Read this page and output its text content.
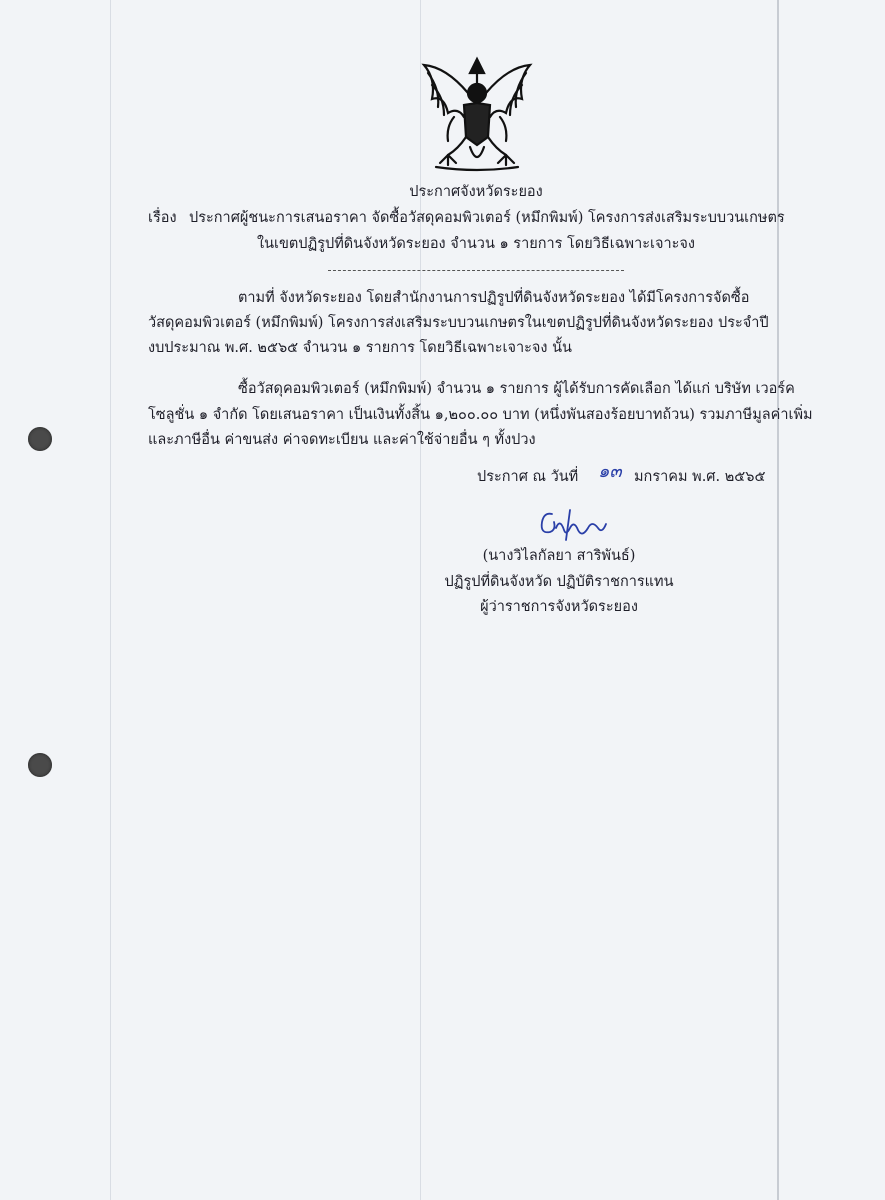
ประกาศจังหวัดระยอง
เรื่อง ประกาศผู้ชนะการเสนอราคา จัดซื้อวัสดุคอมพิวเตอร์ (หมึกพิมพ์) โครงการส่งเสริมระบบวนเกษตร
ในเขตปฏิรูปที่ดินจังหวัดระยอง จำนวน ๑ รายการ โดยวิธีเฉพาะเจาะจง
ตามที่ จังหวัดระยอง โดยสำนักงานการปฏิรูปที่ดินจังหวัดระยอง ได้มีโครงการจัดซื้อ
วัสดุคอมพิวเตอร์ (หมึกพิมพ์) โครงการส่งเสริมระบบวนเกษตรในเขตปฏิรูปที่ดินจังหวัดระยอง ประจำปี
งบประมาณ พ.ศ. ๒๕๖๕ จำนวน ๑ รายการ โดยวิธีเฉพาะเจาะจง นั้น
ซื้อวัสดุคอมพิวเตอร์ (หมึกพิมพ์) จำนวน ๑ รายการ ผู้ได้รับการคัดเลือก ได้แก่ บริษัท เวอร์ค
โซลูชั่น ๑ จำกัด โดยเสนอราคา เป็นเงินทั้งสิ้น ๑,๒๐๐.๐๐ บาท (หนึ่งพันสองร้อยบาทถ้วน) รวมภาษีมูลค่าเพิ่ม
และภาษีอื่น ค่าขนส่ง ค่าจดทะเบียน และค่าใช้จ่ายอื่น ๆ ทั้งปวง
ประกาศ ณ วันที่ ๑๓ มกราคม พ.ศ. ๒๕๖๕
(นางวิไลกัลยา สาริพันธ์)
ปฏิรูปที่ดินจังหวัด ปฏิบัติราชการแทน
ผู้ว่าราชการจังหวัดระยอง
